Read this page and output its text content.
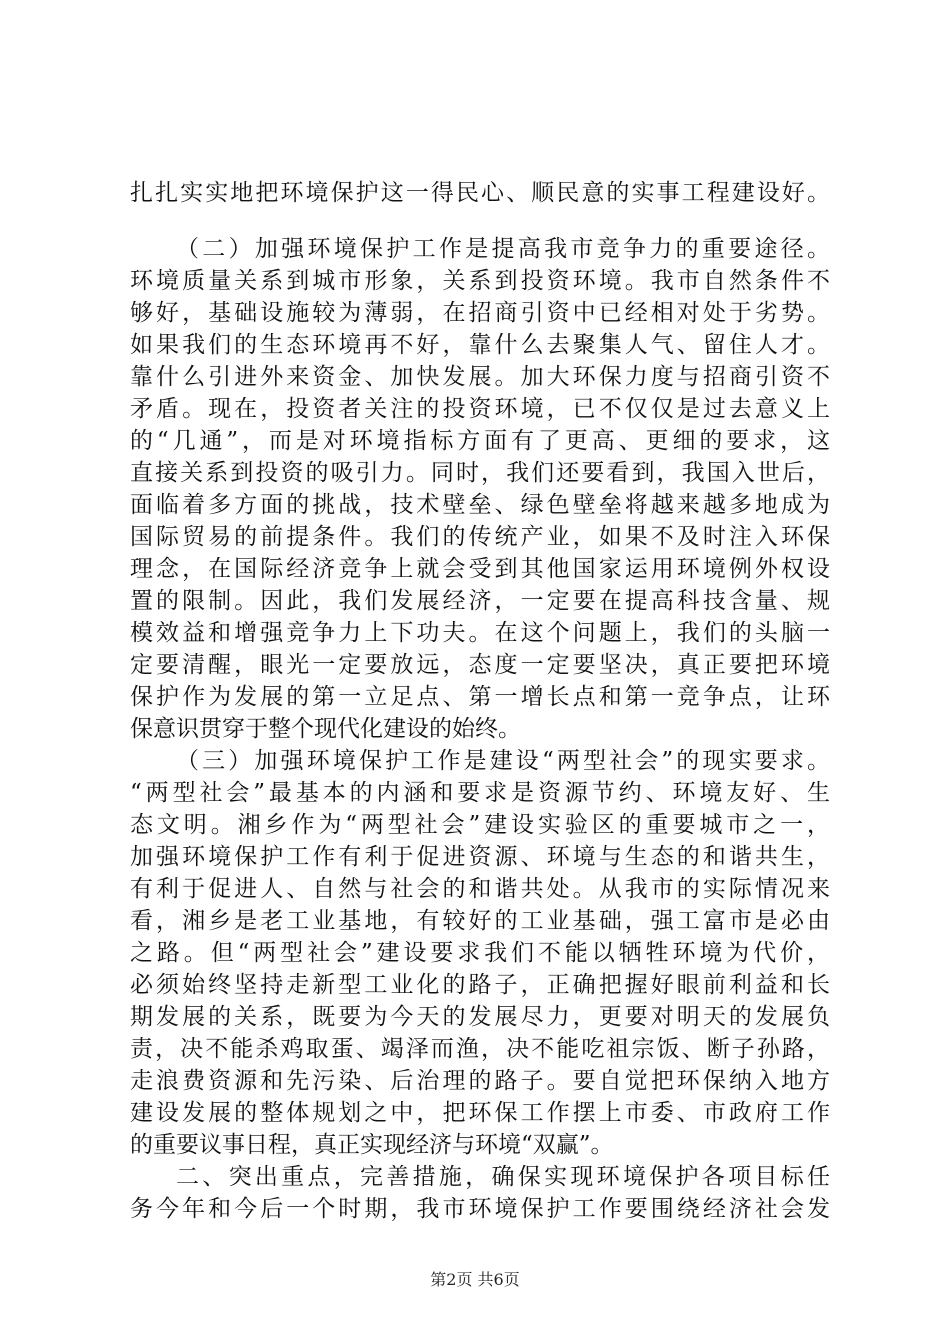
扎扎实实地把环境保护这一得民心、顺民意的实事工程建设好。
（二）加强环境保护工作是提高我市竞争力的重要途径。
环境质量关系到城市形象，关系到投资环境。我市自然条件不
够好，基础设施较为薄弱，在招商引资中已经相对处于劣势。
如果我们的生态环境再不好，靠什么去聚集人气、留住人才。
靠什么引进外来资金、加快发展。加大环保力度与招商引资不
矛盾。现在，投资者关注的投资环境，已不仅仅是过去意义上
的“几通”，而是对环境指标方面有了更高、更细的要求，这
直接关系到投资的吸引力。同时，我们还要看到，我国入世后，
面临着多方面的挑战，技术壁垒、绿色壁垒将越来越多地成为
国际贸易的前提条件。我们的传统产业，如果不及时注入环保
理念，在国际经济竞争上就会受到其他国家运用环境例外权设
置的限制。因此，我们发展经济，一定要在提高科技含量、规
模效益和增强竞争力上下功夫。在这个问题上，我们的头脑一
定要清醒，眼光一定要放远，态度一定要坚决，真正要把环境
保护作为发展的第一立足点、第一增长点和第一竞争点，让环
保意识贯穿于整个现代化建设的始终。
（三）加强环境保护工作是建设“两型社会”的现实要求。
“两型社会”最基本的内涵和要求是资源节约、环境友好、生
态文明。湘乡作为“两型社会”建设实验区的重要城市之一，
加强环境保护工作有利于促进资源、环境与生态的和谐共生，
有利于促进人、自然与社会的和谐共处。从我市的实际情况来
看，湘乡是老工业基地，有较好的工业基础，强工富市是必由
之路。但“两型社会”建设要求我们不能以牺牲环境为代价，
必须始终坚持走新型工业化的路子，正确把握好眼前利益和长
期发展的关系，既要为今天的发展尽力，更要对明天的发展负
责，决不能杀鸡取蛋、竭泽而渔，决不能吃祖宗饭、断子孙路，
走浪费资源和先污染、后治理的路子。要自觉把环保纳入地方
建设发展的整体规划之中，把环保工作摆上市委、市政府工作
的重要议事日程，真正实现经济与环境“双赢”。
二、突出重点，完善措施，确保实现环境保护各项目标任
务今年和今后一个时期，我市环境保护工作要围绕经济社会发
第2页 共6页
